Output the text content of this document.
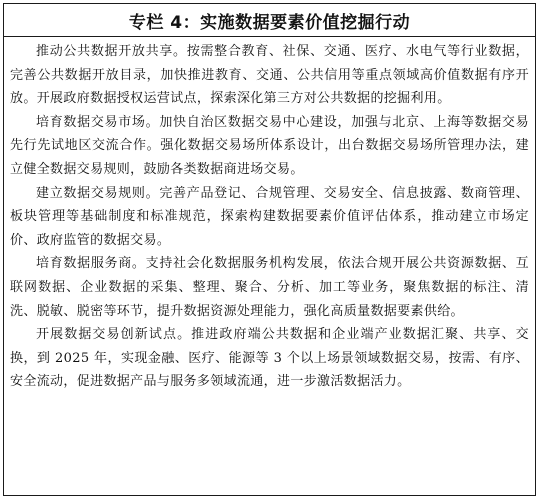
专栏 4：实施数据要素价值挖掘行动

推动公共数据开放共享。按需整合教育、社保、交通、医疗、水电气等行业数据，完善公共数据开放目录，加快推进教育、交通、公共信用等重点领域高价值数据有序开放。开展政府数据授权运营试点，探索深化第三方对公共数据的挖掘利用。

培育数据交易市场。加快自治区数据交易中心建设，加强与北京、上海等数据交易先行先试地区交流合作。强化数据交易场所体系设计，出台数据交易场所管理办法，建立健全数据交易规则，鼓励各类数据商进场交易。

建立数据交易规则。完善产品登记、合规管理、交易安全、信息披露、数商管理、板块管理等基础制度和标准规范，探索构建数据要素价值评估体系，推动建立市场定价、政府监管的数据交易。

培育数据服务商。支持社会化数据服务机构发展，依法合规开展公共资源数据、互联网数据、企业数据的采集、整理、聚合、分析、加工等业务，聚焦数据的标注、清洗、脱敏、脱密等环节，提升数据资源处理能力，强化高质量数据要素供给。

开展数据交易创新试点。推进政府端公共数据和企业端产业数据汇聚、共享、交换，到 2025 年，实现金融、医疗、能源等 3 个以上场景领域数据交易，按需、有序、安全流动，促进数据产品与服务多领域流通，进一步激活数据活力。
